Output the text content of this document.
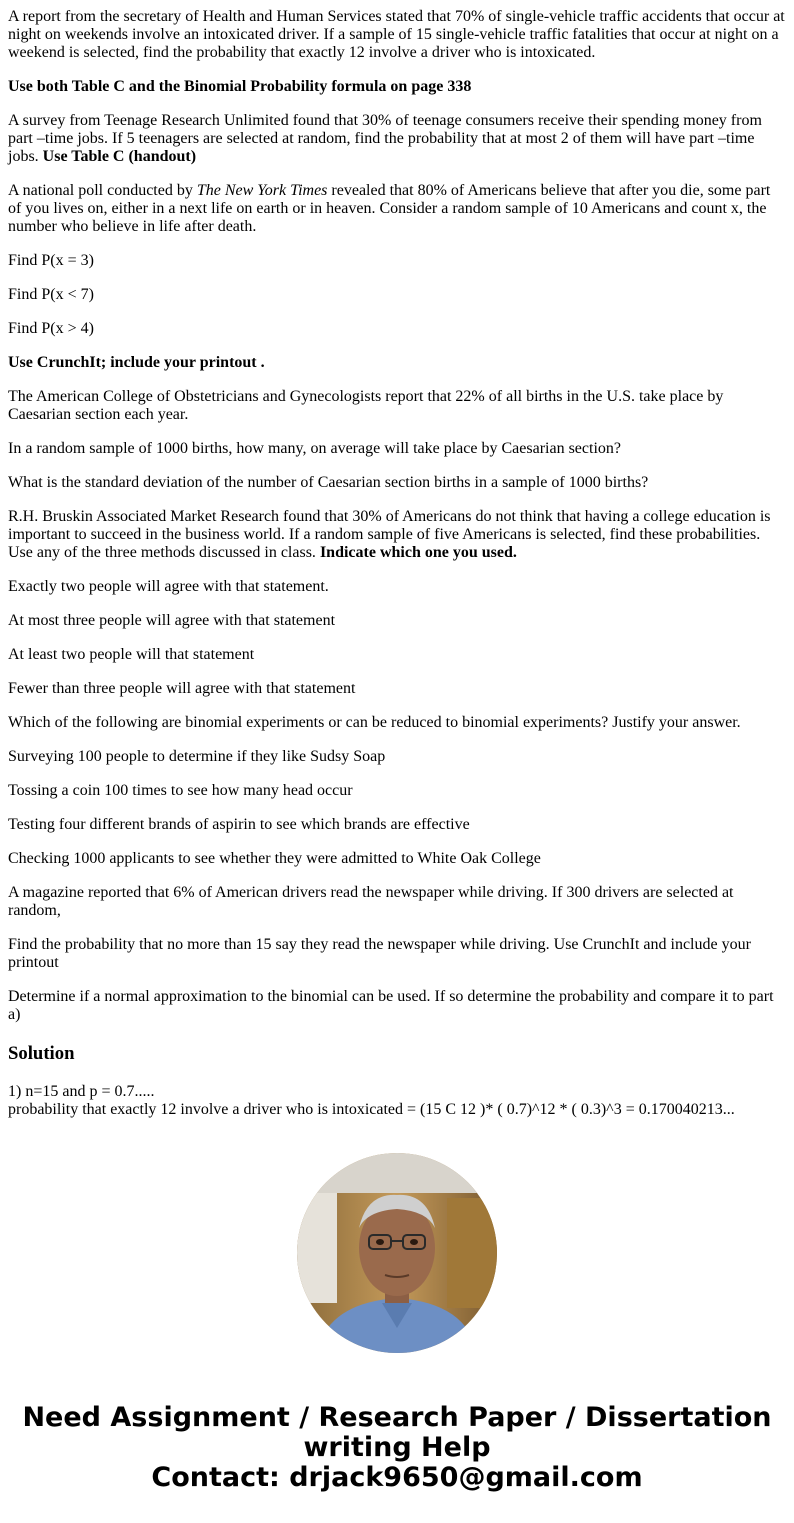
A report from the secretary of Health and Human Services stated that 70% of single-vehicle traffic accidents that occur at night on weekends involve an intoxicated driver. If a sample of 15 single-vehicle traffic fatalities that occur at night on a weekend is selected, find the probability that exactly 12 involve a driver who is intoxicated.

Use both Table C and the Binomial Probability formula on page 338

A survey from Teenage Research Unlimited found that 30% of teenage consumers receive their spending money from part –time jobs. If 5 teenagers are selected at random, find the probability that at most 2 of them will have part –time jobs. Use Table C (handout)

A national poll conducted by The New York Times revealed that 80% of Americans believe that after you die, some part of you lives on, either in a next life on earth or in heaven. Consider a random sample of 10 Americans and count x, the number who believe in life after death.

Find P(x = 3)

Find P(x < 7)

Find P(x > 4)

Use CrunchIt; include your printout .

The American College of Obstetricians and Gynecologists report that 22% of all births in the U.S. take place by Caesarian section each year.

In a random sample of 1000 births, how many, on average will take place by Caesarian section?

What is the standard deviation of the number of Caesarian section births in a sample of 1000 births?

R.H. Bruskin Associated Market Research found that 30% of Americans do not think that having a college education is important to succeed in the business world. If a random sample of five Americans is selected, find these probabilities. Use any of the three methods discussed in class. Indicate which one you used.

Exactly two people will agree with that statement.

At most three people will agree with that statement

At least two people will that statement

Fewer than three people will agree with that statement

Which of the following are binomial experiments or can be reduced to binomial experiments? Justify your answer.

Surveying 100 people to determine if they like Sudsy Soap

Tossing a coin 100 times to see how many head occur

Testing four different brands of aspirin to see which brands are effective

Checking 1000 applicants to see whether they were admitted to White Oak College

A magazine reported that 6% of American drivers read the newspaper while driving. If 300 drivers are selected at random,

Find the probability that no more than 15 say they read the newspaper while driving. Use CrunchIt and include your printout

Determine if a normal approximation to the binomial can be used. If so determine the probability and compare it to part a)

Solution

1) n=15 and p = 0.7.....

probability that exactly 12 involve a driver who is intoxicated = (15 C 12 )* ( 0.7)^12 * ( 0.3)^3 = 0.170040213...

Need Assignment / Research Paper / Dissertation
writing Help
Contact: drjack9650@gmail.com
